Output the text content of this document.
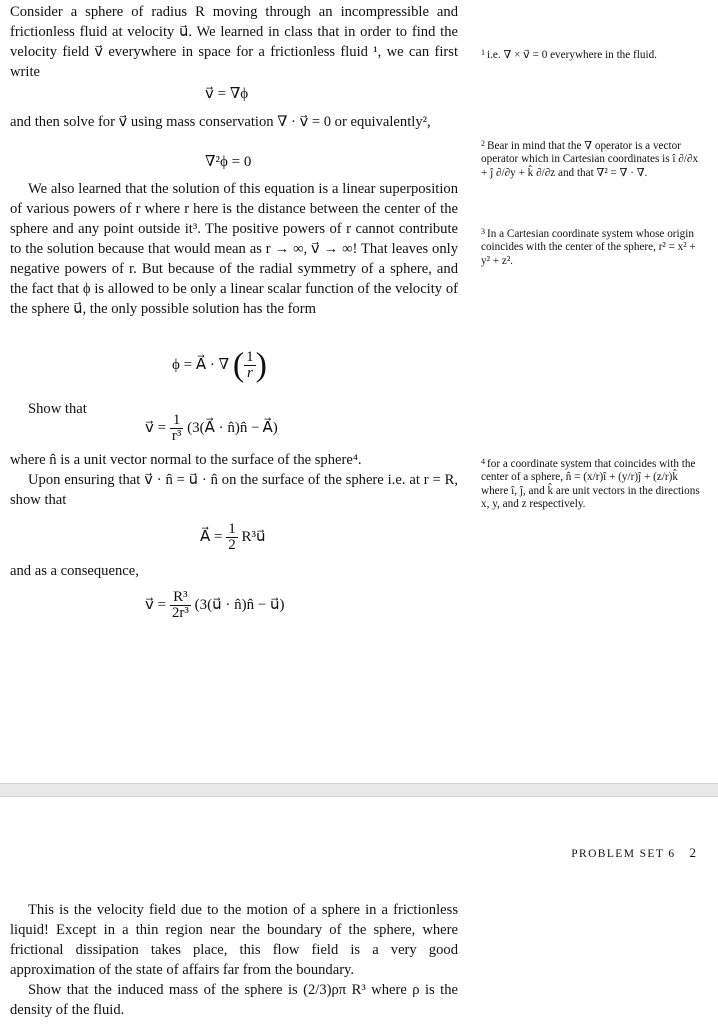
Consider a sphere of radius R moving through an incompressible and frictionless fluid at velocity u⃗. We learned in class that in order to find the velocity field v⃗ everywhere in space for a frictionless fluid ¹, we can first write

v⃗ = ∇ϕ

and then solve for v⃗ using mass conservation ∇ · v⃗ = 0 or equivalently²,

∇²ϕ = 0

We also learned that the solution of this equation is a linear superposition of various powers of r where r here is the distance between the center of the sphere and any point outside it³. The positive powers of r cannot contribute to the solution because that would mean as r → ∞, v⃗ → ∞! That leaves only negative powers of r. But because of the radial symmetry of a sphere, and the fact that ϕ is allowed to be only a linear scalar function of the velocity of the sphere u⃗, the only possible solution has the form

ϕ = A⃗ · ∇ ( $\frac{1}{r}$ )

Show that

v⃗ = $\frac{1}{\text{r³}}$ (3(A⃗ · n̂)n̂ − A⃗)

where n̂ is a unit vector normal to the surface of the sphere⁴.

Upon ensuring that v⃗ · n̂ = u⃗ · n̂ on the surface of the sphere i.e. at r = R, show that

A⃗ = $\frac{1}{2}$ R³u⃗

and as a consequence,

v⃗ = $\frac{\text{R³}}{\text{2r³}}$ (3(u⃗ · n̂)n̂ − u⃗)
$^1$ i.e. ∇ × v⃗ = 0 everywhere in the fluid.
$^2$ Bear in mind that the ∇ operator is a vector operator which in Cartesian coordinates is î ∂/∂x + ĵ ∂/∂y + k̂ ∂/∂z and that ∇² = ∇ · ∇.
$^3$ In a Cartesian coordinate system whose origin coincides with the center of the sphere, r² = x² + y² + z².
$^4$ for a coordinate system that coincides with the center of a sphere, n̂ = (x/r)î + (y/r)ĵ + (z/r)k̂ where î, ĵ, and k̂ are unit vectors in the directions x, y, and z respectively.
PROBLEM SET 6 2

This is the velocity field due to the motion of a sphere in a frictionless liquid! Except in a thin region near the boundary of the sphere, where frictional dissipation takes place, this flow field is a very good approximation of the state of affairs far from the boundary.

Show that the induced mass of the sphere is (2/3)ρπ R³ where ρ is the density of the fluid.
